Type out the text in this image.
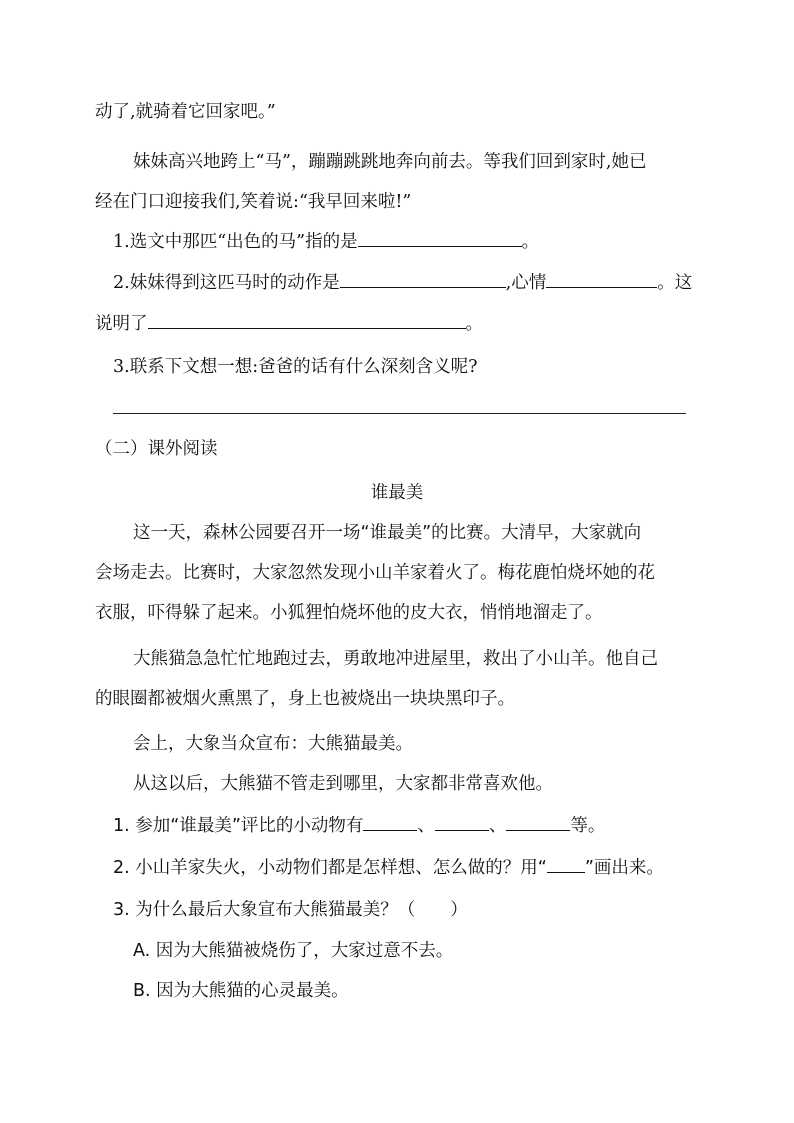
动了,就骑着它回家吧。”
妹妹高兴地跨上“马”，蹦蹦跳跳地奔向前去。等我们回到家时,她已
经在门口迎接我们,笑着说:“我早回来啦!”
1.选文中那匹“出色的马”指的是	。
2.妹妹得到这匹马时的动作是	,心情	。这
说明了	。
3.联系下文想一想:爸爸的话有什么深刻含义呢?
（二）课外阅读
谁最美
这一天，森林公园要召开一场“谁最美”的比赛。大清早，大家就向
会场走去。比赛时，大家忽然发现小山羊家着火了。梅花鹿怕烧坏她的花
衣服，吓得躲了起来。小狐狸怕烧坏他的皮大衣，悄悄地溜走了。
大熊猫急急忙忙地跑过去，勇敢地冲进屋里，救出了小山羊。他自己
的眼圈都被烟火熏黑了，身上也被烧出一块块黑印子。
会上，大象当众宣布：大熊猫最美。
从这以后，大熊猫不管走到哪里，大家都非常喜欢他。
1. 参加“谁最美”评比的小动物有	、	、	等。
2. 小山羊家失火，小动物们都是怎样想、怎么做的？用“ ”画出来。
3. 为什么最后大象宣布大熊猫最美？（　　）
A. 因为大熊猫被烧伤了，大家过意不去。
B. 因为大熊猫的心灵最美。
